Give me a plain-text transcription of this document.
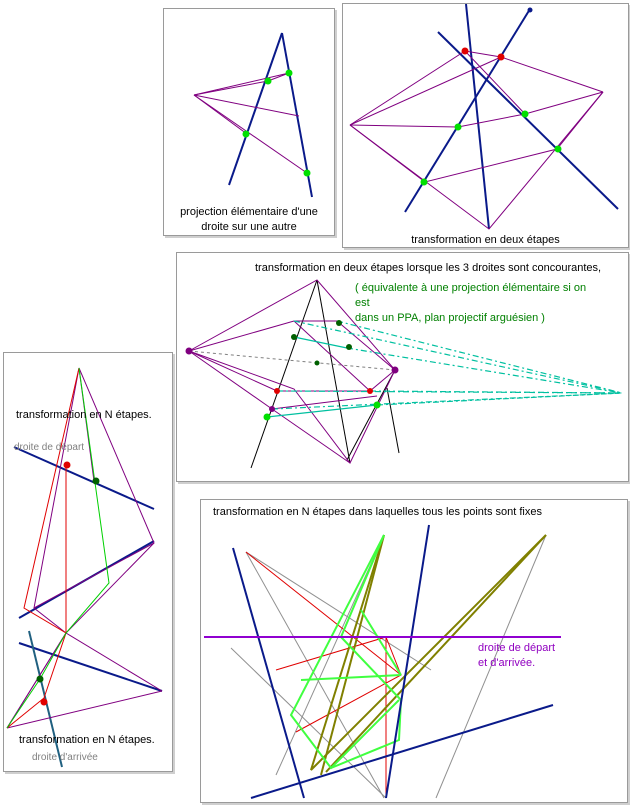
projection élémentaire d'une
droite sur une autre
transformation en deux étapes
transformation en deux étapes lorsque les 3 droites sont concourantes,
( équivalente à une projection élémentaire si on
est
dans un PPA, plan projectif arguésien )
transformation en N étapes.
droite de départ
transformation en N étapes.
droite d'arrivée
transformation en N étapes dans laquelles tous les points sont fixes
droite de départ
et d'arrivée.
